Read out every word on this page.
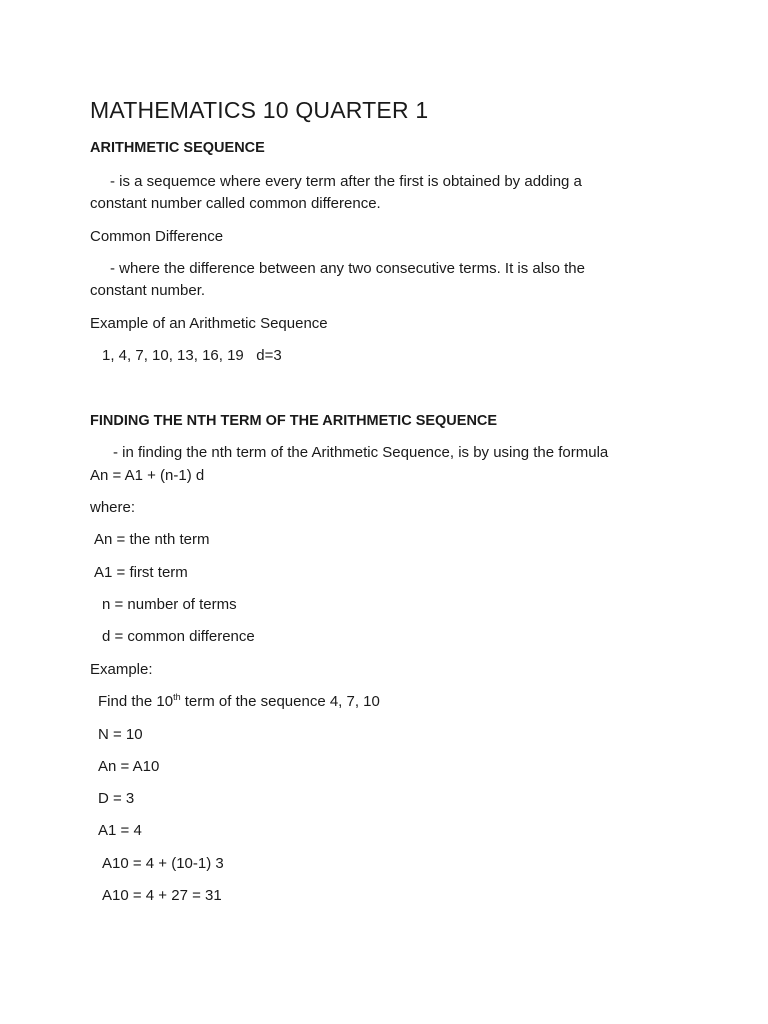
MATHEMATICS 10 QUARTER 1
ARITHMETIC SEQUENCE
- is a sequemce where every term after the first is obtained by adding a
constant number called common difference.
Common Difference
- where the difference between any two consecutive terms. It is also the
constant number.
Example of an Arithmetic Sequence
1, 4, 7, 10, 13, 16, 19   d=3
FINDING THE NTH TERM OF THE ARITHMETIC SEQUENCE
- in finding the nth term of the Arithmetic Sequence, is by using the formula
An = A1 + (n-1) d
where:
An = the nth term
A1 = first term
n = number of terms
d = common difference
Example:
Find the 10th term of the sequence 4, 7, 10
N = 10
An = A10
D = 3
A1 = 4
A10 = 4 + (10-1) 3
A10 = 4 + 27 = 31
